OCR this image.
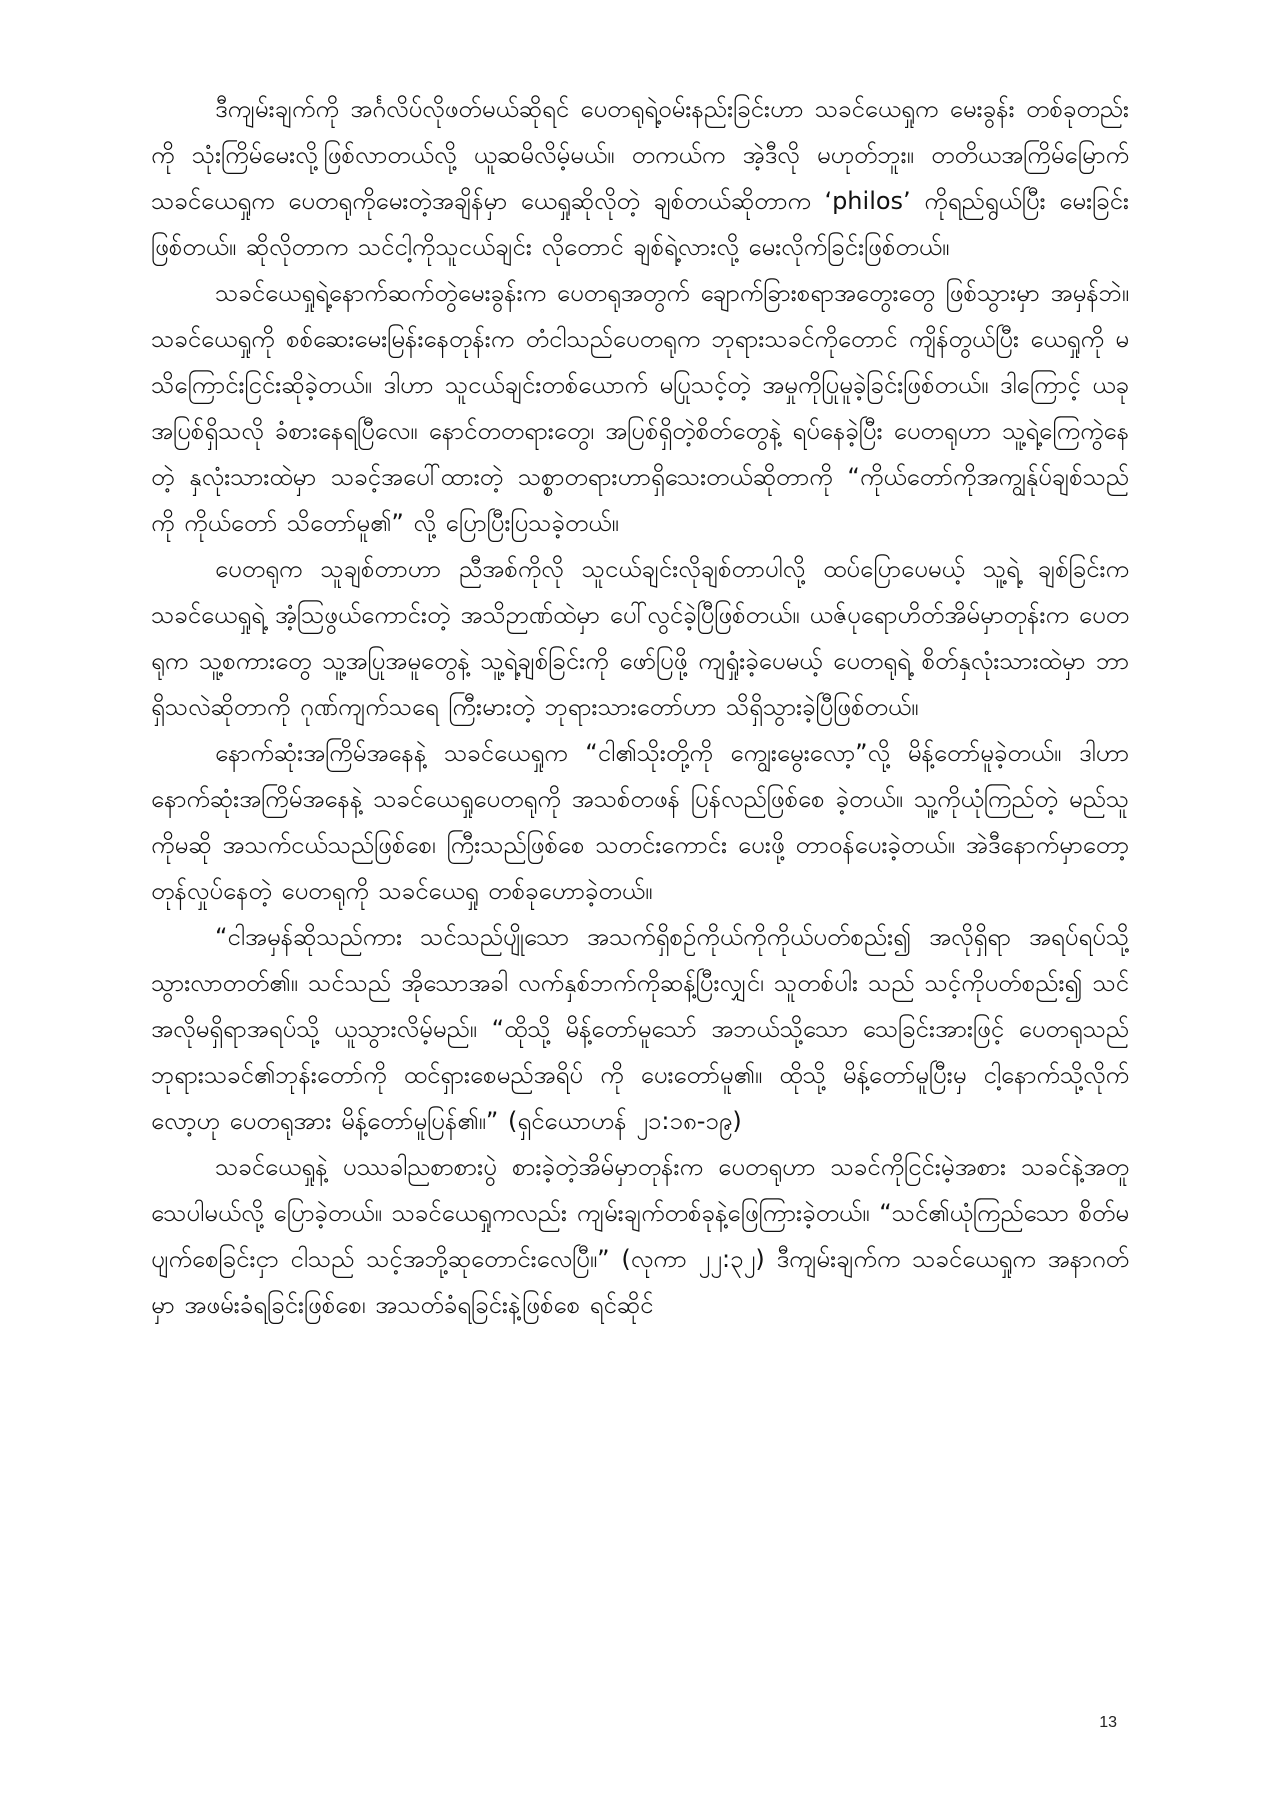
ဒီကျမ်းချက်ကို အင်္ဂလိပ်လိုဖတ်မယ်ဆိုရင် ပေတရုရဲ့ဝမ်းနည်းခြင်းဟာ သခင်ယေရှုက မေးခွန်း တစ်ခုတည်းကို သုံးကြိမ်မေးလို့ဖြစ်လာတယ်လို့ ယူဆမိလိမ့်မယ်။ တကယ်က အဲ့ဒီလို မဟုတ်ဘူး။ တတိယအကြိမ်မြောက် သခင်ယေရှုက ပေတရုကိုမေးတဲ့အချိန်မှာ ယေရှုဆိုလိုတဲ့ ချစ်တယ်ဆိုတာက ‘philos’ ကိုရည်ရွယ်ပြီး မေးခြင်းဖြစ်တယ်။ ဆိုလိုတာက သင်ငါ့ကိုသူငယ်ချင်း လိုတောင် ချစ်ရဲ့လားလို့ မေးလိုက်ခြင်းဖြစ်တယ်။

သခင်ယေရှုရဲ့နောက်ဆက်တွဲမေးခွန်းက ပေတရုအတွက် ချောက်ခြားစရာအတွေးတွေ ဖြစ်သွားမှာ အမှန်ဘဲ။ သခင်ယေရှုကို စစ်ဆေးမေးမြန်းနေတုန်းက တံငါသည်ပေတရုက ဘုရားသခင်ကိုတောင် ကျိန်တွယ်ပြီး ယေရှုကို မသိကြောင်းငြင်းဆိုခဲ့တယ်။ ဒါဟာ သူငယ်ချင်းတစ်ယောက် မပြုသင့်တဲ့ အမှုကိုပြုမူခဲ့ခြင်းဖြစ်တယ်။ ဒါကြောင့် ယခုအပြစ်ရှိသလို ခံစားနေရပြီလေ။ နောင်တတရားတွေ၊ အပြစ်ရှိတဲ့စိတ်တွေနဲ့ ရပ်နေခဲ့ပြီး ပေတရုဟာ သူ့ရဲ့ကြေကွဲနေတဲ့ နှလုံးသားထဲမှာ သခင့်အပေါ်ထားတဲ့ သစ္စာတရားဟာရှိသေးတယ်ဆိုတာကို “ကိုယ်တော်ကိုအကျွန်ုပ်ချစ်သည်ကို ကိုယ်တော် သိတော်မူ၏” လို့ ပြောပြီးပြသခဲ့တယ်။

ပေတရုက သူချစ်တာဟာ ညီအစ်ကိုလို သူငယ်ချင်းလိုချစ်တာပါလို့ ထပ်ပြောပေမယ့် သူ့ရဲ့ ချစ်ခြင်းက သခင်ယေရှုရဲ့ အံ့သြဖွယ်ကောင်းတဲ့ အသိဉာဏ်ထဲမှာ ပေါ်လွင်ခဲ့ပြီဖြစ်တယ်။ ယဇ်ပုရောဟိတ်အိမ်မှာတုန်းက ပေတရုက သူ့စကားတွေ သူ့အပြုအမူတွေနဲ့ သူ့ရဲ့ချစ်ခြင်းကို ဖော်ပြဖို့ ကျရှုံးခဲ့ပေမယ့် ပေတရုရဲ့ စိတ်နှလုံးသားထဲမှာ ဘာရှိသလဲဆိုတာကို ဂုဏ်ကျက်သရေ ကြီးမားတဲ့ ဘုရားသားတော်ဟာ သိရှိသွားခဲ့ပြီဖြစ်တယ်။

နောက်ဆုံးအကြိမ်အနေနဲ့ သခင်ယေရှုက “ငါ၏သိုးတို့ကို ကျွေးမွေးလော့”လို့ မိန့်တော်မူခဲ့တယ်။ ဒါဟာ နောက်ဆုံးအကြိမ်အနေနဲ့ သခင်ယေရှုပေတရုကို အသစ်တဖန် ပြန်လည်ဖြစ်စေ ခဲ့တယ်။ သူ့ကိုယုံကြည်တဲ့ မည်သူကိုမဆို အသက်ငယ်သည်ဖြစ်စေ၊ ကြီးသည်ဖြစ်စေ သတင်းကောင်း ပေးဖို့ တာဝန်ပေးခဲ့တယ်။ အဲဒီနောက်မှာတော့ တုန်လှုပ်နေတဲ့ ပေတရုကို သခင်ယေရှု တစ်ခုဟောခဲ့တယ်။

“ငါအမှန်ဆိုသည်ကား သင်သည်ပျိုသော အသက်ရှိစဉ်ကိုယ်ကိုကိုယ်ပတ်စည်း၍ အလိုရှိရာ အရပ်ရပ်သို့ သွားလာတတ်၏။ သင်သည် အိုသောအခါ လက်နှစ်ဘက်ကိုဆန့်ပြီးလျှင်၊ သူတစ်ပါး သည် သင့်ကိုပတ်စည်း၍ သင်အလိုမရှိရာအရပ်သို့ ယူသွားလိမ့်မည်။ “ထိုသို့ မိန့်တော်မူသော် အဘယ်သို့သော သေခြင်းအားဖြင့် ပေတရုသည် ဘုရားသခင်၏ဘုန်းတော်ကို ထင်ရှားစေမည်အရိပ် ကို ပေးတော်မူ၏။ ထိုသို့ မိန့်တော်မူပြီးမှ ငါ့နောက်သို့လိုက်လော့ဟု ပေတရုအား မိန့်တော်မူပြန်၏။” (ရှင်ယောဟန် ၂၁:၁၈-၁၉)

သခင်ယေရှုနဲ့ ပဿခါညစာစားပွဲ စားခဲ့တဲ့အိမ်မှာတုန်းက ပေတရုဟာ သခင်ကိုငြင်းမဲ့အစား သခင်နဲ့အတူသေပါမယ်လို့ ပြောခဲ့တယ်။ သခင်ယေရှုကလည်း ကျမ်းချက်တစ်ခုနဲ့ဖြေကြားခဲ့တယ်။ “သင်၏ယုံကြည်သော စိတ်မပျက်စေခြင်းငှာ ငါသည် သင့်အဘို့ဆုတောင်းလေပြီ။” (လုကာ ၂၂:၃၂) ဒီကျမ်းချက်က သခင်ယေရှုက အနာဂတ်မှာ အဖမ်းခံရခြင်းဖြစ်စေ၊ အသတ်ခံရခြင်းနဲ့ဖြစ်စေ ရင်ဆိုင်

13
